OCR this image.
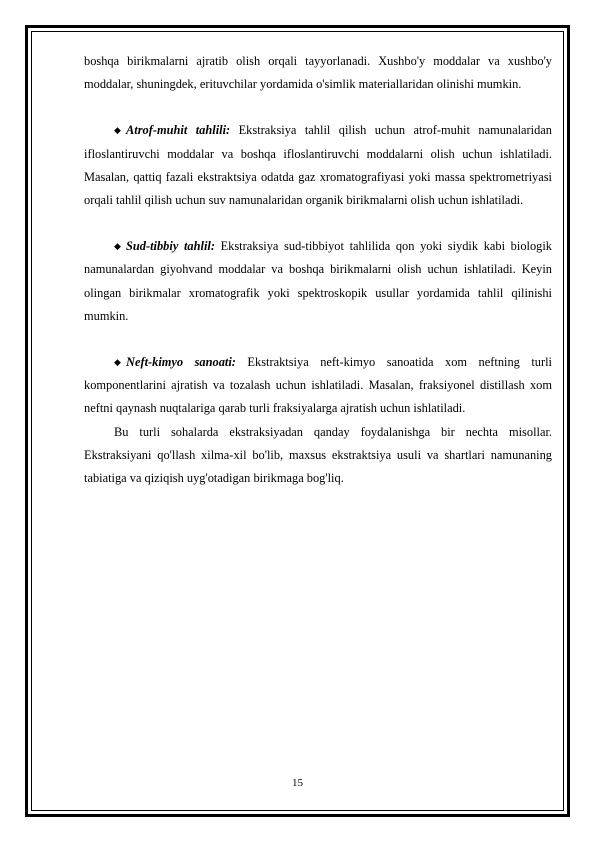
boshqa birikmalarni ajratib olish orqali tayyorlanadi. Xushbo'y moddalar va xushbo'y moddalar, shuningdek, erituvchilar yordamida o'simlik materiallaridan olinishi mumkin.

◆ Atrof-muhit tahlili: Ekstraksiya tahlil qilish uchun atrof-muhit namunalaridan ifloslantiruvchi moddalar va boshqa ifloslantiruvchi moddalarni olish uchun ishlatiladi. Masalan, qattiq fazali ekstraktsiya odatda gaz xromatografiyasi yoki massa spektrometriyasi orqali tahlil qilish uchun suv namunalaridan organik birikmalarni olish uchun ishlatiladi.

◆ Sud-tibbiy tahlil: Ekstraksiya sud-tibbiyot tahlilida qon yoki siydik kabi biologik namunalardan giyohvand moddalar va boshqa birikmalarni olish uchun ishlatiladi. Keyin olingan birikmalar xromatografik yoki spektroskopik usullar yordamida tahlil qilinishi mumkin.

◆ Neft-kimyo sanoati: Ekstraktsiya neft-kimyo sanoatida xom neftning turli komponentlarini ajratish va tozalash uchun ishlatiladi. Masalan, fraksiyonel distillash xom neftni qaynash nuqtalariga qarab turli fraksiyalarga ajratish uchun ishlatiladi.

Bu turli sohalarda ekstraksiyadan qanday foydalanishga bir nechta misollar. Ekstraksiyani qo'llash xilma-xil bo'lib, maxsus ekstraktsiya usuli va shartlari namunaning tabiatiga va qiziqish uyg'otadigan birikmaga bog'liq.

15
